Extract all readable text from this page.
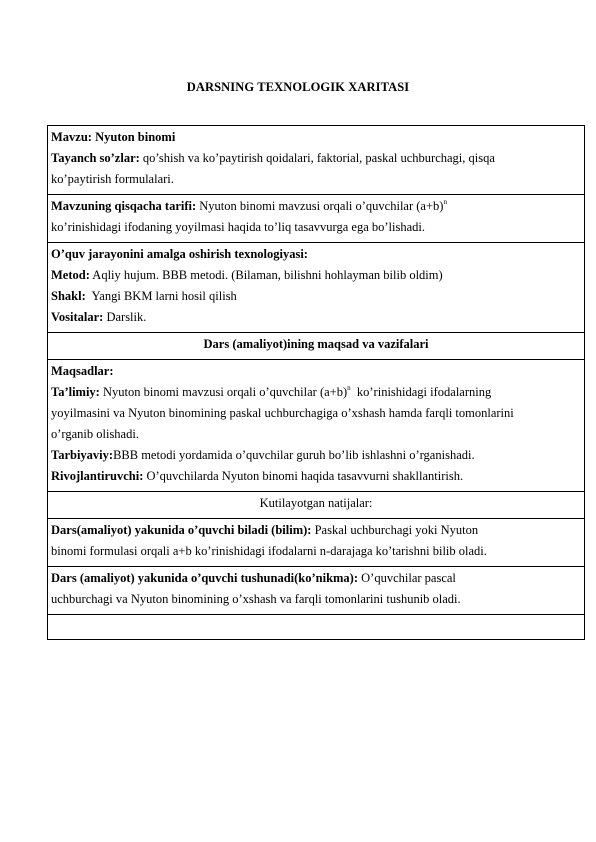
DARSNING TEXNOLOGIK XARITASI
Mavzu: Nyuton binomi
Tayanch so’zlar: qo’shish va ko’paytirish qoidalari, faktorial, paskal uchburchagi, qisqa
ko’paytirish formulalari.

Mavzuning qisqacha tarifi: Nyuton binomi mavzusi orqali o’quvchilar $(a+b)^n$
ko’rinishidagi ifodaning yoyilmasi haqida to’liq tasavvurga ega bo’lishadi.

O’quv jarayonini amalga oshirish texnologiyasi:
Metod: Aqliy hujum. BBB metodi. (Bilaman, bilishni hohlayman bilib oldim)
Shakl:  Yangi BKM larni hosil qilish
Vositalar: Darslik.

Dars (amaliyot)ining maqsad va vazifalari

Maqsadlar:
Ta’limiy: Nyuton binomi mavzusi orqali o’quvchilar $(a+b)^n$  ko’rinishidagi ifodalarning
yoyilmasini va Nyuton binomining paskal uchburchagiga o’xshash hamda farqli tomonlarini
o’rganib olishadi.
Tarbiyaviy:BBB metodi yordamida o’quvchilar guruh bo’lib ishlashni o’rganishadi.
Rivojlantiruvchi: O’quvchilarda Nyuton binomi haqida tasavvurni shakllantirish.

Kutilayotgan natijalar:

Dars(amaliyot) yakunida o’quvchi biladi (bilim): Paskal uchburchagi yoki Nyuton
binomi formulasi orqali a+b ko’rinishidagi ifodalarni n-darajaga ko’tarishni bilib oladi.

Dars (amaliyot) yakunida o’quvchi tushunadi(ko’nikma): O’quvchilar pascal
uchburchagi va Nyuton binomining o’xshash va farqli tomonlarini tushunib oladi.
